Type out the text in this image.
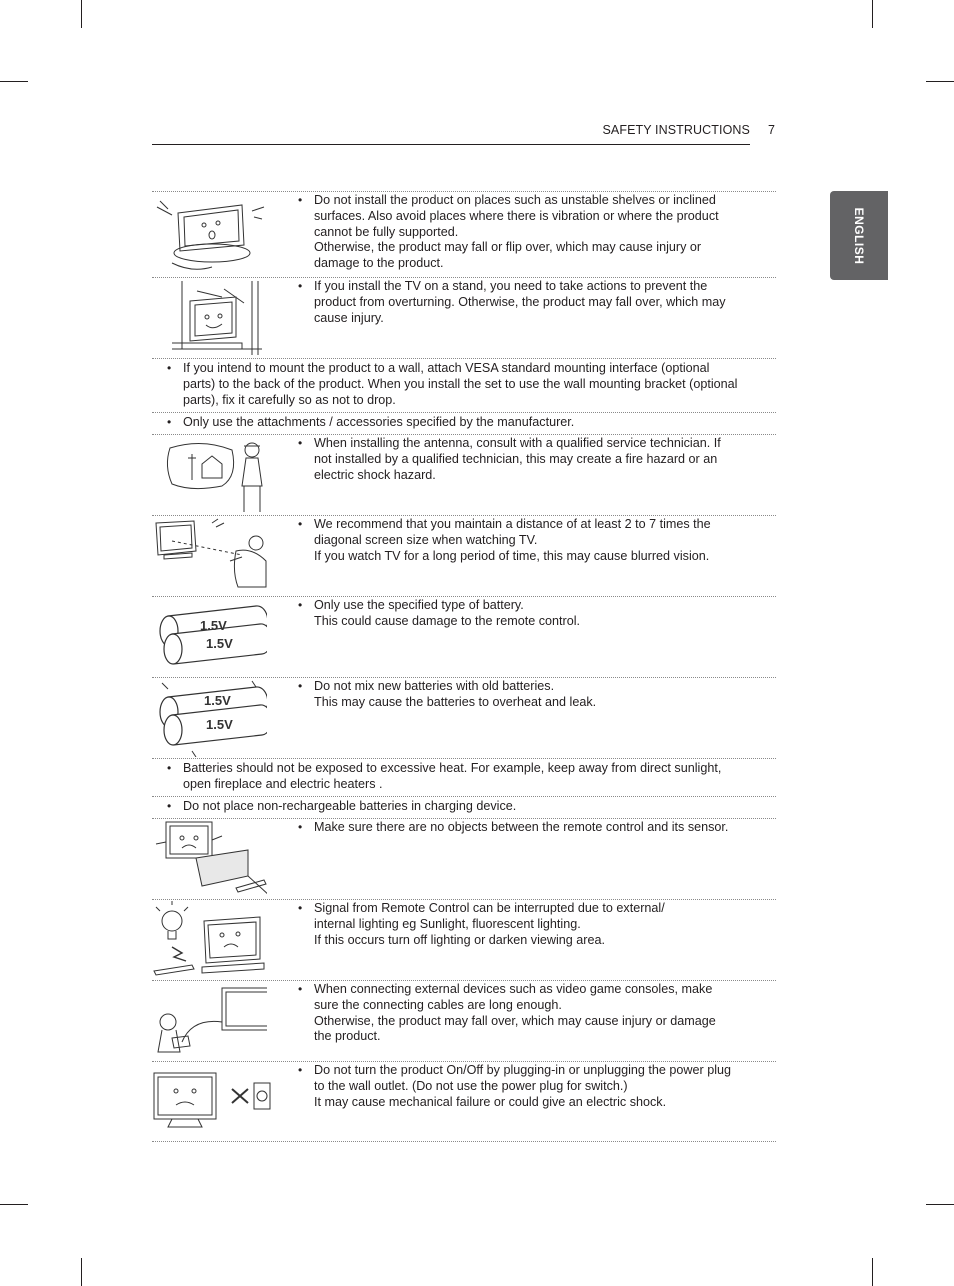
SAFETY INSTRUCTIONS 7
ENGLISH
• Do not install the product on places such as unstable shelves or inclined
surfaces. Also avoid places where there is vibration or where the product
cannot be fully supported.
Otherwise, the product may fall or flip over, which may cause injury or
damage to the product.
• If you install the TV on a stand, you need to take actions to prevent the
product from overturning. Otherwise, the product may fall over, which may
cause injury.
• If you intend to mount the product to a wall, attach VESA standard mounting interface (optional
parts) to the back of the product. When you install the set to use the wall mounting bracket (optional
parts), fix it carefully so as not to drop.
• Only use the attachments / accessories specified by the manufacturer.
• When installing the antenna, consult with a qualified service technician. If
not installed by a qualified technician, this may create a fire hazard or an
electric shock hazard.
• We recommend that you maintain a distance of at least 2 to 7 times the
diagonal screen size when watching TV.
If you watch TV for a long period of time, this may cause blurred vision.
1.5V
1.5V
• Only use the specified type of battery.
This could cause damage to the remote control.
1.5V
1.5V
• Do not mix new batteries with old batteries.
This may cause the batteries to overheat and leak.
• Batteries should not be exposed to excessive heat. For example, keep away from direct sunlight,
open fireplace and electric heaters .
• Do not place non-rechargeable batteries in charging device.
• Make sure there are no objects between the remote control and its sensor.
• Signal from Remote Control can be interrupted due to external/
internal lighting eg Sunlight, fluorescent lighting.
If this occurs turn off lighting or darken viewing area.
• When connecting external devices such as video game consoles, make
sure the connecting cables are long enough.
Otherwise, the product may fall over, which may cause injury or damage
the product.
• Do not turn the product On/Off by plugging-in or unplugging the power plug
to the wall outlet. (Do not use the power plug for switch.)
It may cause mechanical failure or could give an electric shock.
